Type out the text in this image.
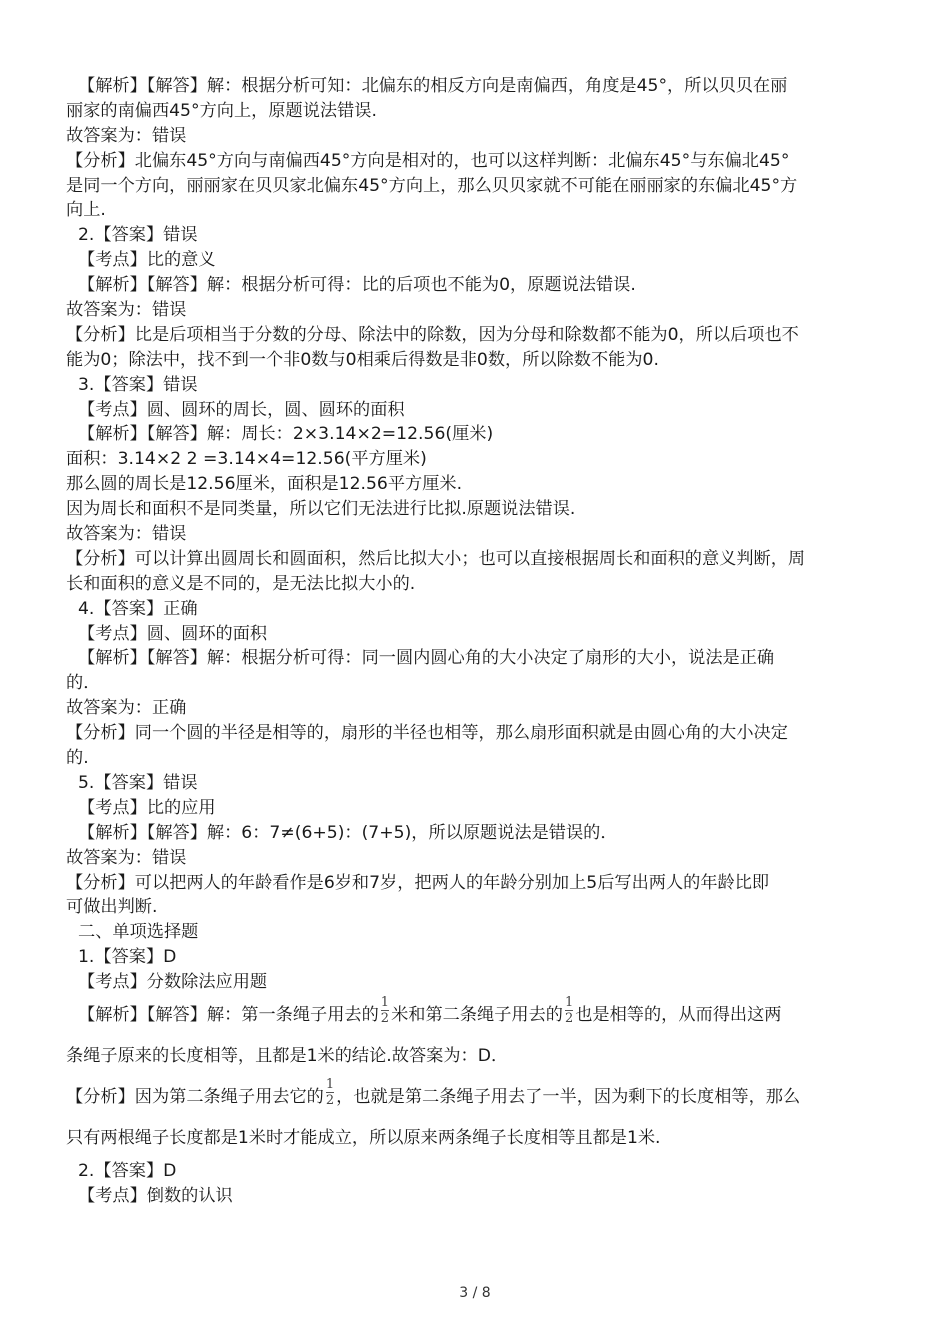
【解析】【解答】解：根据分析可知：北偏东的相反方向是南偏西，角度是45°，所以贝贝在丽
丽家的南偏西45°方向上，原题说法错误.
故答案为：错误
【分析】北偏东45°方向与南偏西45°方向是相对的，也可以这样判断：北偏东45°与东偏北45°
是同一个方向，丽丽家在贝贝家北偏东45°方向上，那么贝贝家就不可能在丽丽家的东偏北45°方
向上.
2.【答案】错误
【考点】比的意义
【解析】【解答】解：根据分析可得：比的后项也不能为0，原题说法错误.
故答案为：错误
【分析】比是后项相当于分数的分母、除法中的除数，因为分母和除数都不能为0，所以后项也不
能为0；除法中，找不到一个非0数与0相乘后得数是非0数，所以除数不能为0.
3.【答案】错误
【考点】圆、圆环的周长，圆、圆环的面积
【解析】【解答】解：周长：2×3.14×2=12.56(厘米)
面积：3.14×2 2 =3.14×4=12.56(平方厘米)
那么圆的周长是12.56厘米，面积是12.56平方厘米.
因为周长和面积不是同类量，所以它们无法进行比拟.原题说法错误.
故答案为：错误
【分析】可以计算出圆周长和圆面积，然后比拟大小；也可以直接根据周长和面积的意义判断，周
长和面积的意义是不同的，是无法比拟大小的.
4.【答案】正确
【考点】圆、圆环的面积
【解析】【解答】解：根据分析可得：同一圆内圆心角的大小决定了扇形的大小，说法是正确
的．
故答案为：正确
【分析】同一个圆的半径是相等的，扇形的半径也相等，那么扇形面积就是由圆心角的大小决定
的.
5.【答案】错误
【考点】比的应用
【解析】【解答】解：6：7≠(6+5)：(7+5)，所以原题说法是错误的．
故答案为：错误
【分析】可以把两人的年龄看作是6岁和7岁，把两人的年龄分别加上5后写出两人的年龄比即
可做出判断.
二、单项选择题
1.【答案】D
【考点】分数除法应用题
【解析】【解答】解：第一条绳子用去的 $\frac{1}{2}$ 米和第二条绳子用去的 $\frac{1}{2}$ 也是相等的，从而得出这两
条绳子原来的长度相等，且都是1米的结论.故答案为：D．
【分析】因为第二条绳子用去它的 $\frac{1}{2}$ ，也就是第二条绳子用去了一半，因为剩下的长度相等，那么
只有两根绳子长度都是1米时才能成立，所以原来两条绳子长度相等且都是1米.
2.【答案】D
【考点】倒数的认识
3 / 8
